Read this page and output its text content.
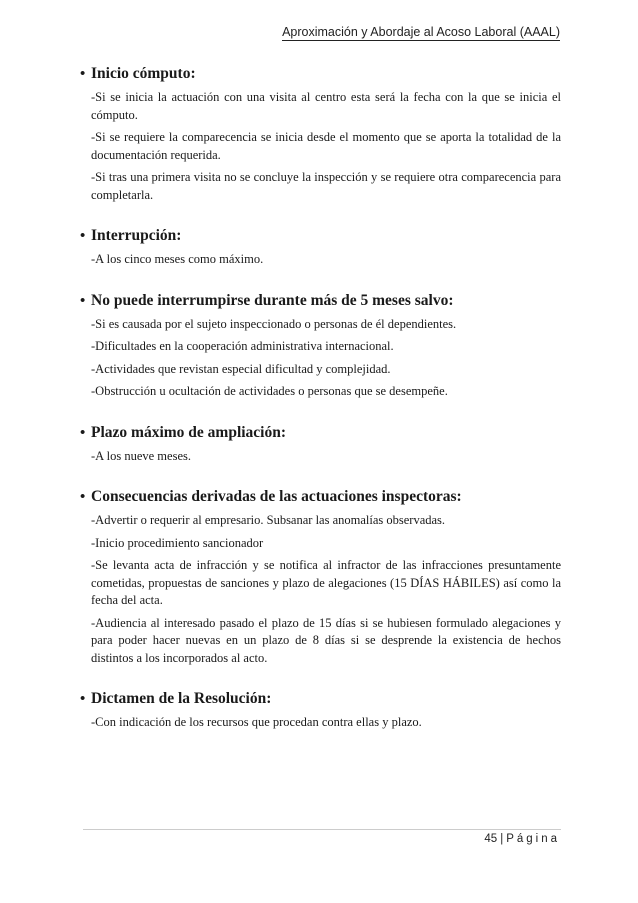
Aproximación y Abordaje al Acoso Laboral (AAAL)
• Inicio cómputo:

-Si se inicia la actuación con una visita al centro esta será la fecha con la que se inicia el cómputo.

-Si se requiere la comparecencia se inicia desde el momento que se aporta la totalidad de la documentación requerida.

-Si tras una primera visita no se concluye la inspección y se requiere otra comparecencia para completarla.

• Interrupción:

-A los cinco meses como máximo.

• No puede interrumpirse durante más de 5 meses salvo:

-Si es causada por el sujeto inspeccionado o personas de él dependientes.

-Dificultades en la cooperación administrativa internacional.

-Actividades que revistan especial dificultad y complejidad.

-Obstrucción u ocultación de actividades o personas que se desempeñe.

• Plazo máximo de ampliación:

-A los nueve meses.

• Consecuencias derivadas de las actuaciones inspectoras:

-Advertir o requerir al empresario. Subsanar las anomalías observadas.

-Inicio procedimiento sancionador

-Se levanta acta de infracción y se notifica al infractor de las infracciones presuntamente cometidas, propuestas de sanciones y plazo de alegaciones (15 DÍAS HÁBILES) así como la fecha del acta.

-Audiencia al interesado pasado el plazo de 15 días si se hubiesen formulado alegaciones y para poder hacer nuevas en un plazo de 8 días si se desprende la existencia de hechos distintos a los incorporados al acto.

• Dictamen de la Resolución:

-Con indicación de los recursos que procedan contra ellas y plazo.

45 | Página
